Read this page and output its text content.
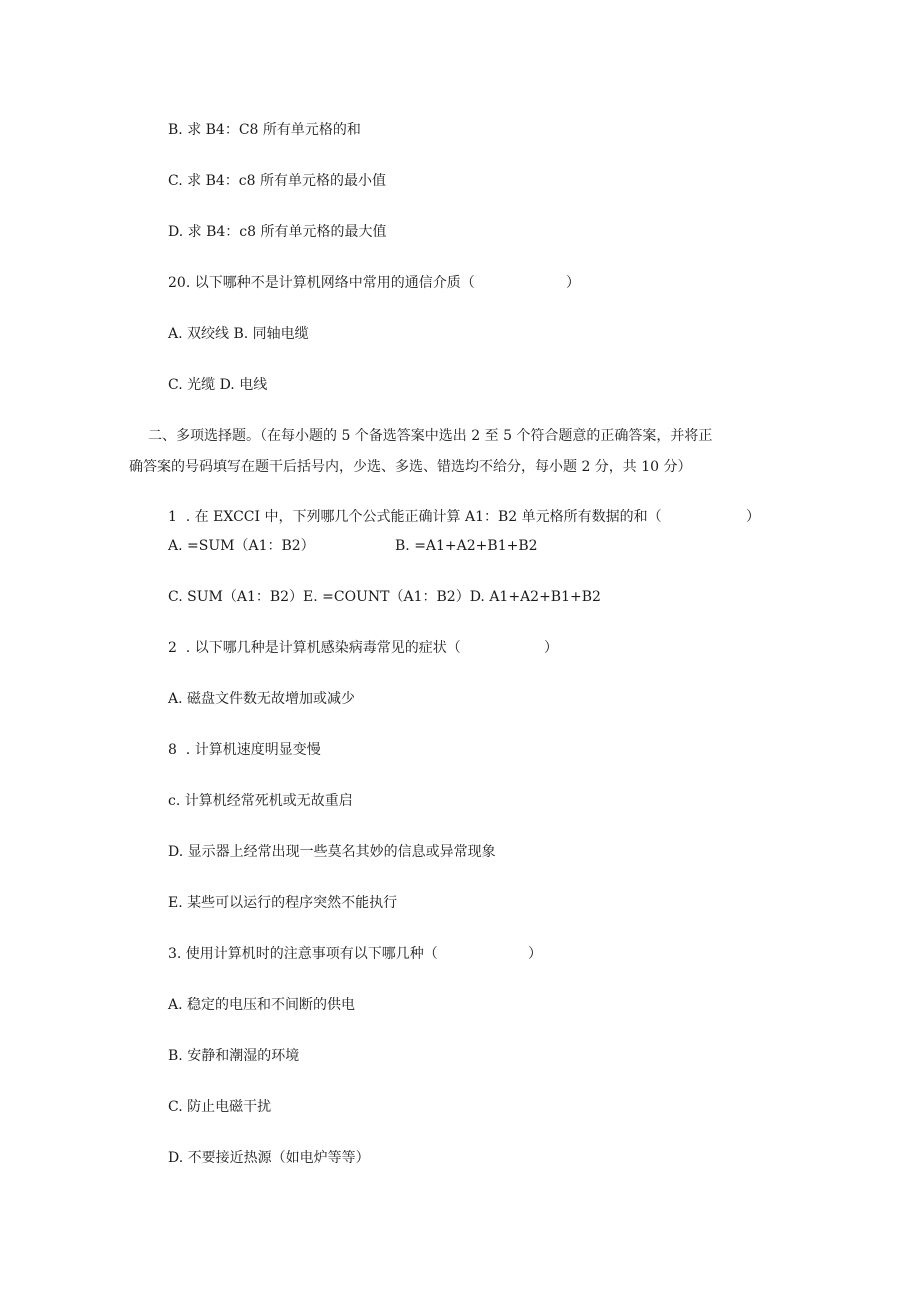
B. 求 B4：C8 所有单元格的和
C. 求 B4：c8 所有单元格的最小值
D. 求 B4：c8 所有单元格的最大值
20. 以下哪种不是计算机网络中常用的通信介质（	）
A. 双绞线 B. 同轴电缆
C. 光缆 D. 电线
二、多项选择题。（在每小题的 5 个备选答案中选出 2 至 5 个符合题意的正确答案，并将正
确答案的号码填写在题干后括号内，少选、多选、错选均不给分，每小题 2 分，共 10 分）
1  . 在 EXCCI 中，下列哪几个公式能正确计算 A1：B2 单元格所有数据的和（	）
A. =SUM（A1：B2）	B. =A1+A2+B1+B2
C. SUM（A1：B2）E. =COUNT（A1：B2）D. A1+A2+B1+B2
2  . 以下哪几种是计算机感染病毒常见的症状（	）
A. 磁盘文件数无故增加或减少
8  . 计算机速度明显变慢
c. 计算机经常死机或无故重启
D. 显示器上经常出现一些莫名其妙的信息或异常现象
E. 某些可以运行的程序突然不能执行
3. 使用计算机时的注意事项有以下哪几种（	）
A. 稳定的电压和不间断的供电
B. 安静和潮湿的环境
C. 防止电磁干扰
D. 不要接近热源（如电炉等等）
